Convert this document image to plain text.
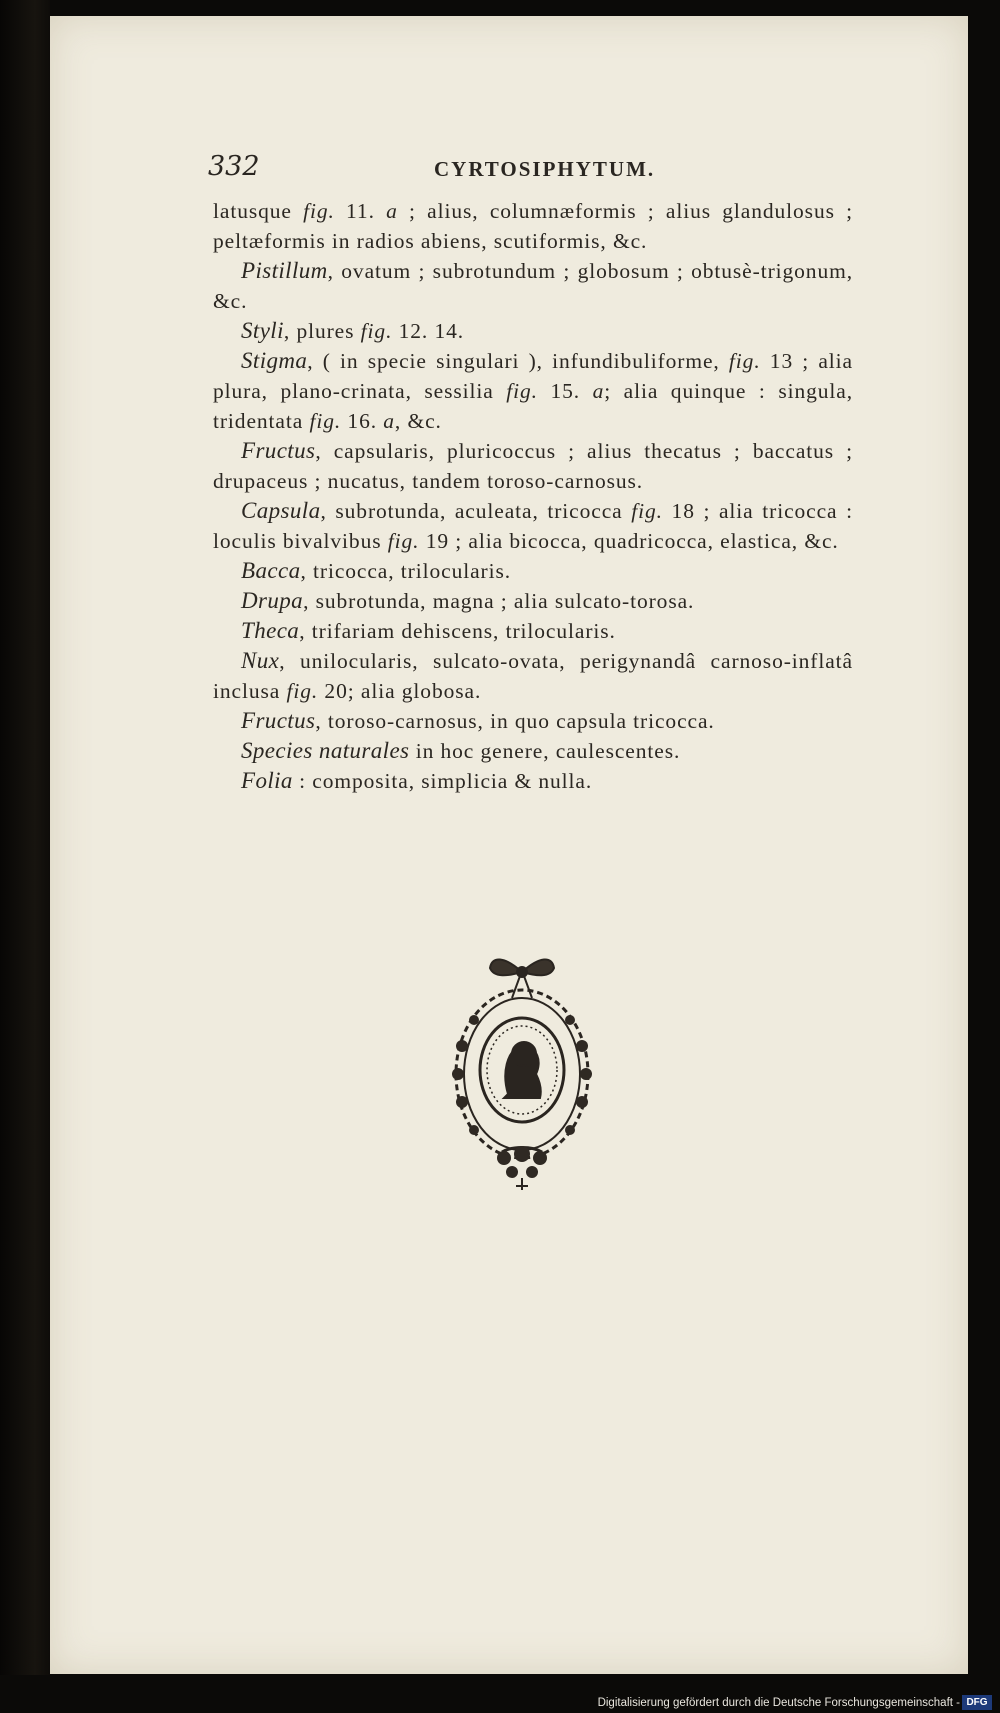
332	CYRTOSIPHYTUM.

latusque fig. 11. a ; alius, columnæformis ; alius glandulosus ; peltæformis in radios abiens, scutiformis, &c.

Pistillum, ovatum ; subrotundum ; globosum ; obtusè-trigonum, &c.

Styli, plures fig. 12. 14.

Stigma, ( in specie singulari ), infundibuliforme, fig. 13 ; alia plura, plano-crinata, sessilia fig. 15. a; alia quinque : singula, tridentata fig. 16. a, &c.

Fructus, capsularis, pluricoccus ; alius thecatus ; baccatus ; drupaceus ; nucatus, tandem toroso-carnosus.

Capsula, subrotunda, aculeata, tricocca fig. 18 ; alia tricocca : loculis bivalvibus fig. 19 ; alia bicocca, quadricocca, elastica, &c.

Bacca, tricocca, trilocularis.

Drupa, subrotunda, magna ; alia sulcato-torosa.

Theca, trifariam dehiscens, trilocularis.

Nux, unilocularis, sulcato-ovata, perigynandâ carnoso-inflatâ inclusa fig. 20; alia globosa.

Fructus, toroso-carnosus, in quo capsula tricocca.

Species naturales in hoc genere, caulescentes.

Folia : composita, simplicia & nulla.

Digitalisierung gefördert durch die Deutsche Forschungsgemeinschaft - DFG
